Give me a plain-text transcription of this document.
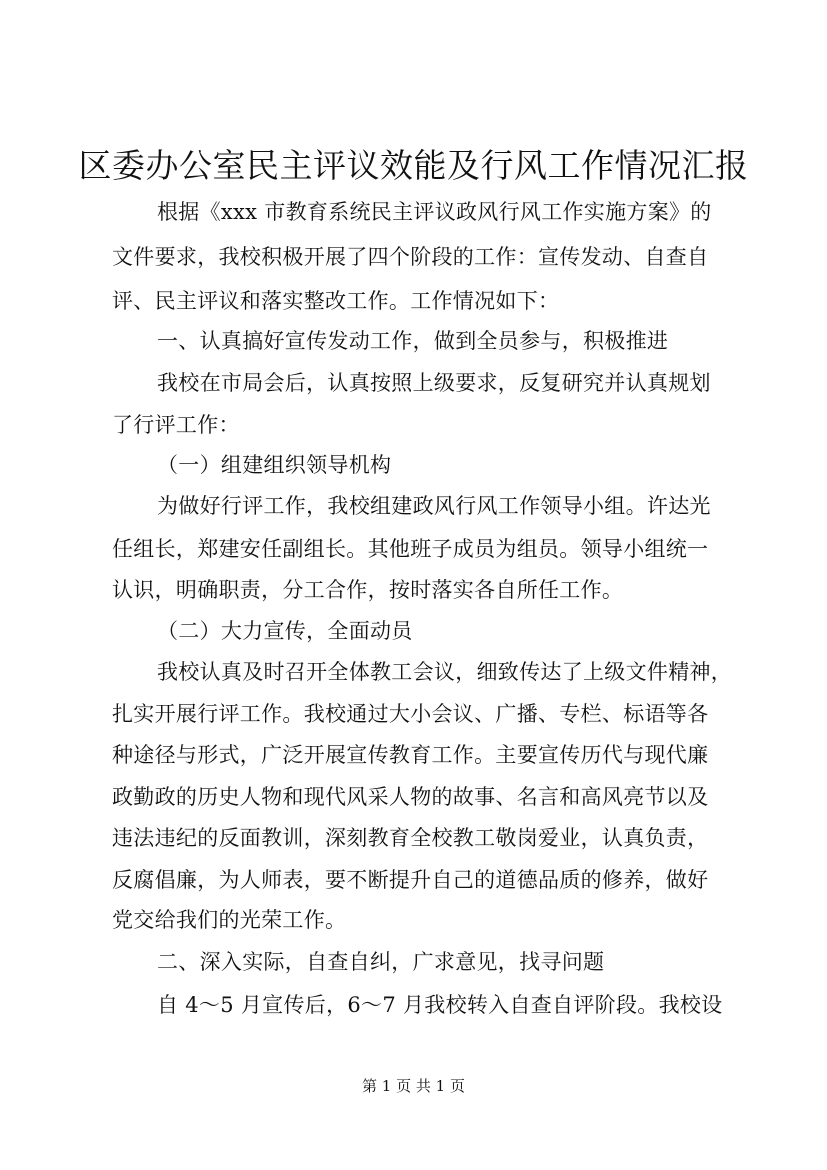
区委办公室民主评议效能及行风工作情况汇报

根据《xxx 市教育系统民主评议政风行风工作实施方案》的

文件要求，我校积极开展了四个阶段的工作：宣传发动、自查自

评、民主评议和落实整改工作。工作情况如下：

一、认真搞好宣传发动工作，做到全员参与，积极推进

我校在市局会后，认真按照上级要求，反复研究并认真规划

了行评工作：

（一）组建组织领导机构

为做好行评工作，我校组建政风行风工作领导小组。许达光

任组长，郑建安任副组长。其他班子成员为组员。领导小组统一

认识，明确职责，分工合作，按时落实各自所任工作。

（二）大力宣传，全面动员

我校认真及时召开全体教工会议，细致传达了上级文件精神，

扎实开展行评工作。我校通过大小会议、广播、专栏、标语等各

种途径与形式，广泛开展宣传教育工作。主要宣传历代与现代廉

政勤政的历史人物和现代风采人物的故事、名言和高风亮节以及

违法违纪的反面教训，深刻教育全校教工敬岗爱业，认真负责，

反腐倡廉，为人师表，要不断提升自己的道德品质的修养，做好

党交给我们的光荣工作。

二、深入实际，自查自纠，广求意见，找寻问题

自 4～5 月宣传后，6～7 月我校转入自查自评阶段。我校设

第 1 页 共 1 页
